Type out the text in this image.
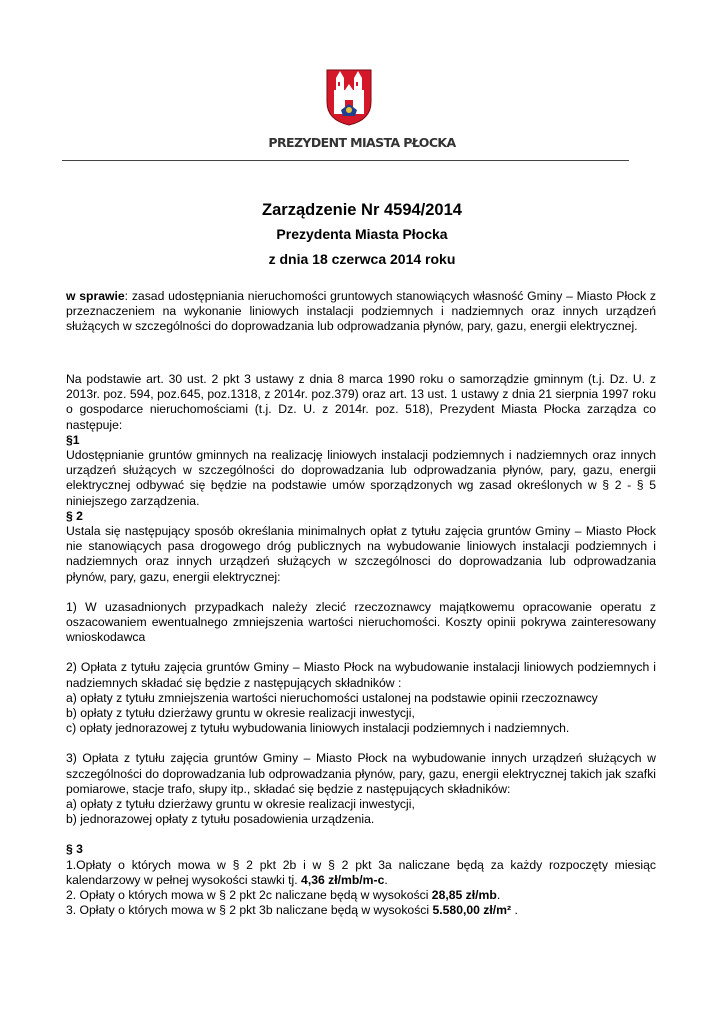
PREZYDENT MIASTA PŁOCKA
Zarządzenie Nr 4594/2014
Prezydenta Miasta Płocka
z dnia 18 czerwca 2014 roku
w sprawie: zasad udostępniania nieruchomości gruntowych stanowiących własność Gminy – Miasto Płock z przeznaczeniem na wykonanie liniowych instalacji podziemnych i nadziemnych oraz innych urządzeń służących w szczególności do doprowadzania lub odprowadzania płynów, pary, gazu, energii elektrycznej.

Na podstawie art. 30 ust. 2 pkt 3 ustawy z dnia 8 marca 1990 roku o samorządzie gminnym (t.j. Dz. U. z 2013r. poz. 594, poz.645, poz.1318, z 2014r. poz.379) oraz art. 13 ust. 1 ustawy z dnia 21 sierpnia 1997 roku o gospodarce nieruchomościami (t.j. Dz. U. z 2014r. poz. 518), Prezydent Miasta Płocka zarządza co następuje:

§1

Udostępnianie gruntów gminnych na realizację liniowych instalacji podziemnych i nadziemnych oraz innych urządzeń służących w szczególności do doprowadzania lub odprowadzania płynów, pary, gazu, energii elektrycznej odbywać się będzie na podstawie umów sporządzonych wg zasad określonych w § 2 - § 5 niniejszego zarządzenia.

§ 2

Ustala się następujący sposób określania minimalnych opłat z tytułu zajęcia gruntów Gminy – Miasto Płock nie stanowiących pasa drogowego dróg publicznych na wybudowanie liniowych instalacji podziemnych i nadziemnych oraz innych urządzeń służących w szczególnosci do doprowadzania lub odprowadzania płynów, pary, gazu, energii elektrycznej:

1) W uzasadnionych przypadkach należy zlecić rzeczoznawcy majątkowemu opracowanie operatu z oszacowaniem ewentualnego zmniejszenia wartości nieruchomości. Koszty opinii pokrywa zainteresowany wnioskodawca

2) Opłata z tytułu zajęcia gruntów Gminy – Miasto Płock na wybudowanie instalacji liniowych podziemnych i nadziemnych składać się będzie z następujących składników :

a) opłaty z tytułu zmniejszenia wartości nieruchomości ustalonej na podstawie opinii rzeczoznawcy

b) opłaty z tytułu dzierżawy gruntu w okresie realizacji inwestycji,

c) opłaty jednorazowej z tytułu wybudowania liniowych instalacji podziemnych i nadziemnych.

3) Opłata z tytułu zajęcia gruntów Gminy – Miasto Płock na wybudowanie innych urządzeń służących w szczególności do doprowadzania lub odprowadzania płynów, pary, gazu, energii elektrycznej takich jak szafki pomiarowe, stacje trafo, słupy itp., składać się będzie z następujących składników:

a) opłaty z tytułu dzierżawy gruntu w okresie realizacji inwestycji,

b) jednorazowej opłaty z tytułu posadowienia urządzenia.

§ 3

1.Opłaty o których mowa w § 2 pkt 2b i w § 2 pkt 3a naliczane będą za każdy rozpoczęty miesiąc kalendarzowy w pełnej wysokości stawki tj. 4,36 zł/mb/m-c.

2. Opłaty o których mowa w § 2 pkt 2c naliczane będą w wysokości 28,85 zł/mb.

3. Opłaty o których mowa w § 2 pkt 3b naliczane będą w wysokości 5.580,00 zł/m² .
